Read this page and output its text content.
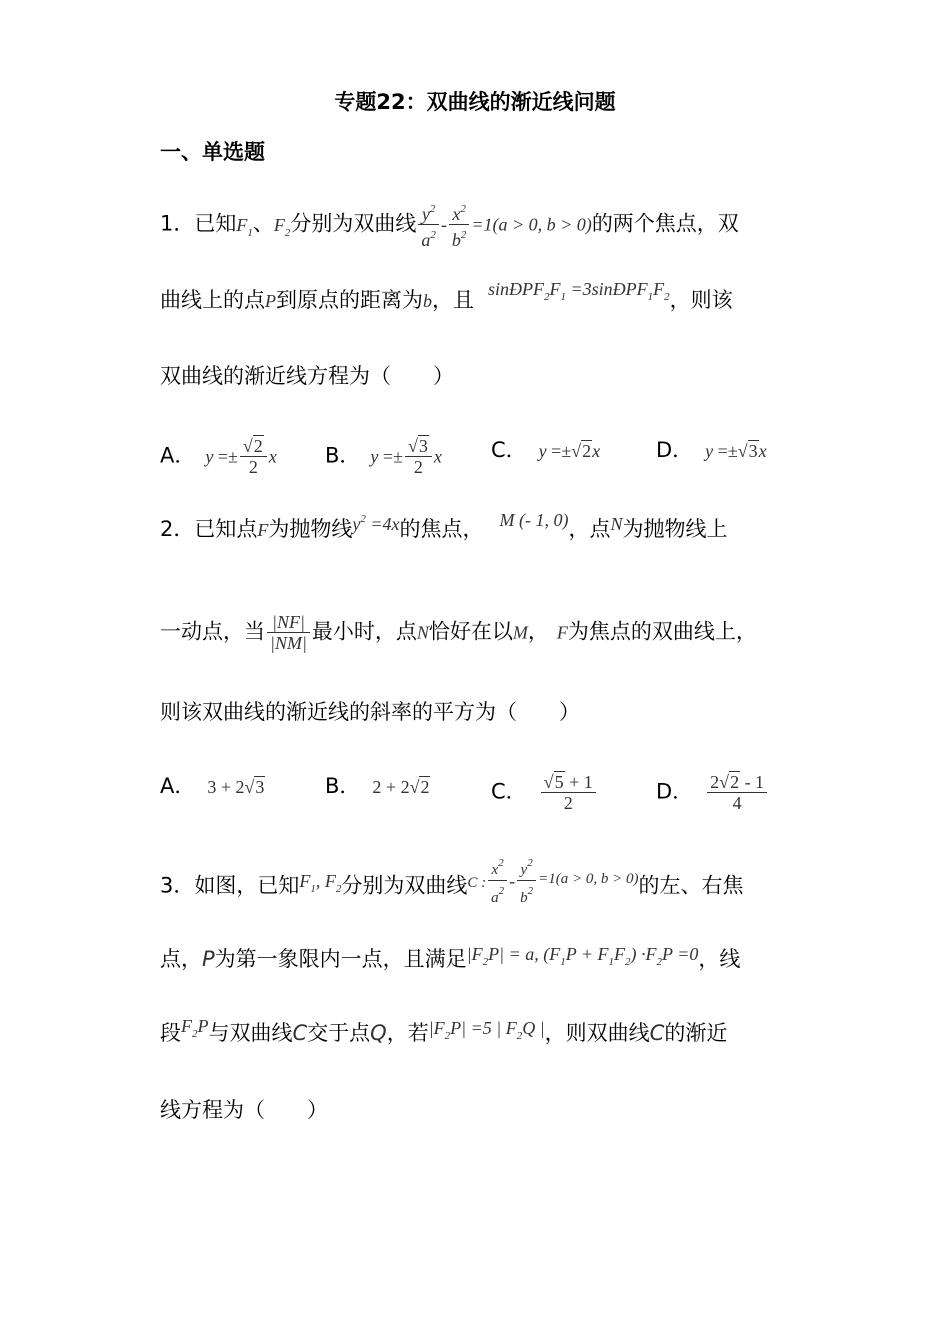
专题22：双曲线的渐近线问题
一、单选题
1．已知$F_1$、$F_2$分别为双曲线 $\frac{y^2}{a^2} - \frac{x^2}{b^2} =1(a > 0$, b > 0)的两个焦点，双
曲线上的点P到原点的距离为b，且 $\sin ÐPF_2F_1$ $=3\sin ÐPF_1F_2$，则该
双曲线的渐近线方程为（　　）
A． $y =\pm \frac{√2}{2}$ x B． $y =\pm \frac{√3}{2}$ x C． y =±√2x	D． y =±√3x
2．已知点F为抛物线$y^2 =4x$的焦点， M (- 1, 0)，点N为抛物线上
一动点，当 $\frac{|NF|}{|NM|}$ 最小时，点N恰好在以M， F为焦点的双曲线上，
则该双曲线的渐近线的斜率的平方为（　　）
A． 3 + 2√3	B． 2 + 2√2	C． $\frac{√5 + 1}{2}$	D． $\frac{2√2 - 1}{4}$
3．如图，已知$F_1$, $F_2$分别为双曲线$^{C :} \frac{x^2}{a^2} - \frac{y^2}{b^2} ^{=1(a > 0, b > 0)}$的左、右焦
点，P为第一象限内一点，且满足$|F_2P| = a$, $(F_1P + F_1F_2) \cdot F_2P =0$，线
段$F_2P$与双曲线C交于点Q，若$|F_2P| =5$ | $F_2Q$ |，则双曲线C的渐近
线方程为（　　）
